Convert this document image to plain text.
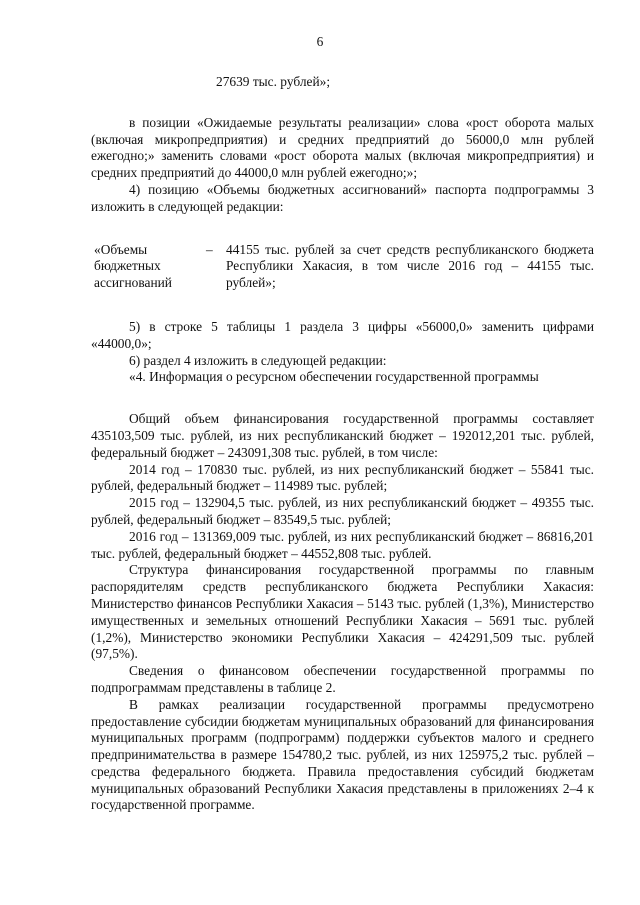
6

27639 тыс. рублей»;

в позиции «Ожидаемые результаты реализации» слова «рост оборота малых (включая микропредприятия) и средних предприятий до 56000,0 млн рублей ежегодно;» заменить словами «рост оборота малых (включая микропредприятия) и средних предприятий до 44000,0 млн рублей ежегодно;»;

4) позицию «Объемы бюджетных ассигнований» паспорта подпрограммы 3 изложить в следующей редакции:

«Объемы бюджетных ассигнований
– 44155 тыс. рублей за счет средств республиканского бюджета Республики Хакасия, в том числе 2016 год – 44155 тыс. рублей»;

5) в строке 5 таблицы 1 раздела 3 цифры «56000,0» заменить цифрами «44000,0»;

6) раздел 4 изложить в следующей редакции:

«4. Информация о ресурсном обеспечении государственной программы

Общий объем финансирования государственной программы составляет 435103,509 тыс. рублей, из них республиканский бюджет – 192012,201 тыс. рублей, федеральный бюджет – 243091,308 тыс. рублей, в том числе:

2014 год – 170830 тыс. рублей, из них республиканский бюджет – 55841 тыс. рублей, федеральный бюджет – 114989 тыс. рублей;

2015 год – 132904,5 тыс. рублей, из них республиканский бюджет – 49355 тыс. рублей, федеральный бюджет – 83549,5 тыс. рублей;

2016 год – 131369,009 тыс. рублей, из них республиканский бюджет – 86816,201 тыс. рублей, федеральный бюджет – 44552,808 тыс. рублей.

Структура финансирования государственной программы по главным распорядителям средств республиканского бюджета Республики Хакасия: Министерство финансов Республики Хакасия – 5143 тыс. рублей (1,3%), Министерство имущественных и земельных отношений Республики Хакасия – 5691 тыс. рублей (1,2%), Министерство экономики Республики Хакасия – 424291,509 тыс. рублей (97,5%).

Сведения о финансовом обеспечении государственной программы по подпрограммам представлены в таблице 2.

В рамках реализации государственной программы предусмотрено предоставление субсидии бюджетам муниципальных образований для финансирования муниципальных программ (подпрограмм) поддержки субъектов малого и среднего предпринимательства в размере 154780,2 тыс. рублей, из них 125975,2 тыс. рублей – средства федерального бюджета. Правила предоставления субсидий бюджетам муниципальных образований Республики Хакасия представлены в приложениях 2–4 к государственной программе.
